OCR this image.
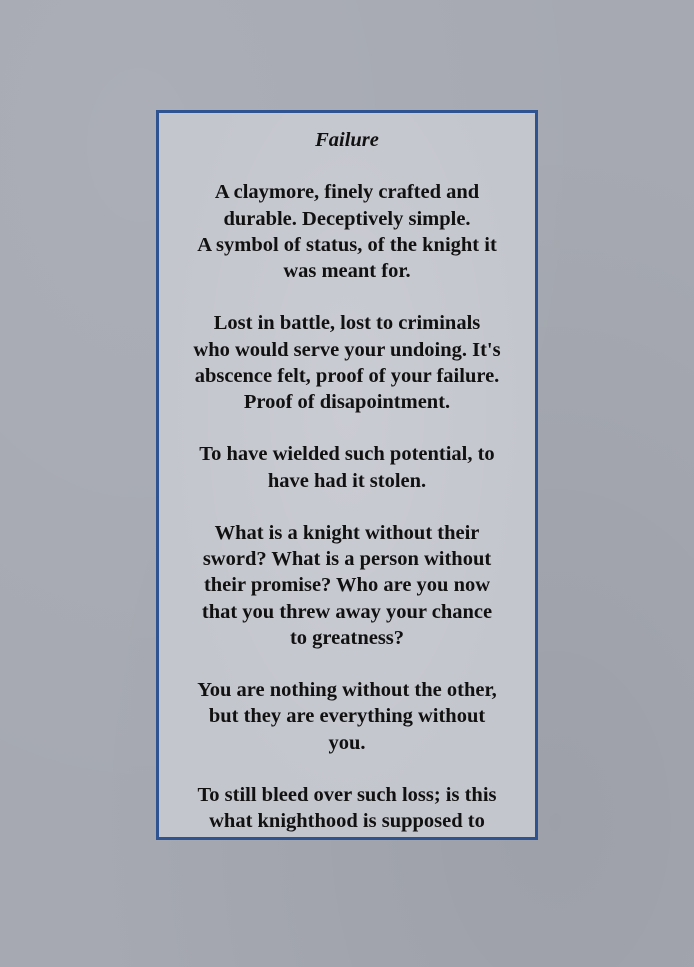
Failure
A claymore, finely crafted and
durable. Deceptively simple.
A symbol of status, of the knight it
was meant for.
Lost in battle, lost to criminals
who would serve your undoing. It's
abscence felt, proof of your failure.
Proof of disapointment.
To have wielded such potential, to
have had it stolen.
What is a knight without their
sword? What is a person without
their promise? Who are you now
that you threw away your chance
to greatness?
You are nothing without the other,
but they are everything without
you.
To still bleed over such loss; is this
what knighthood is supposed to
